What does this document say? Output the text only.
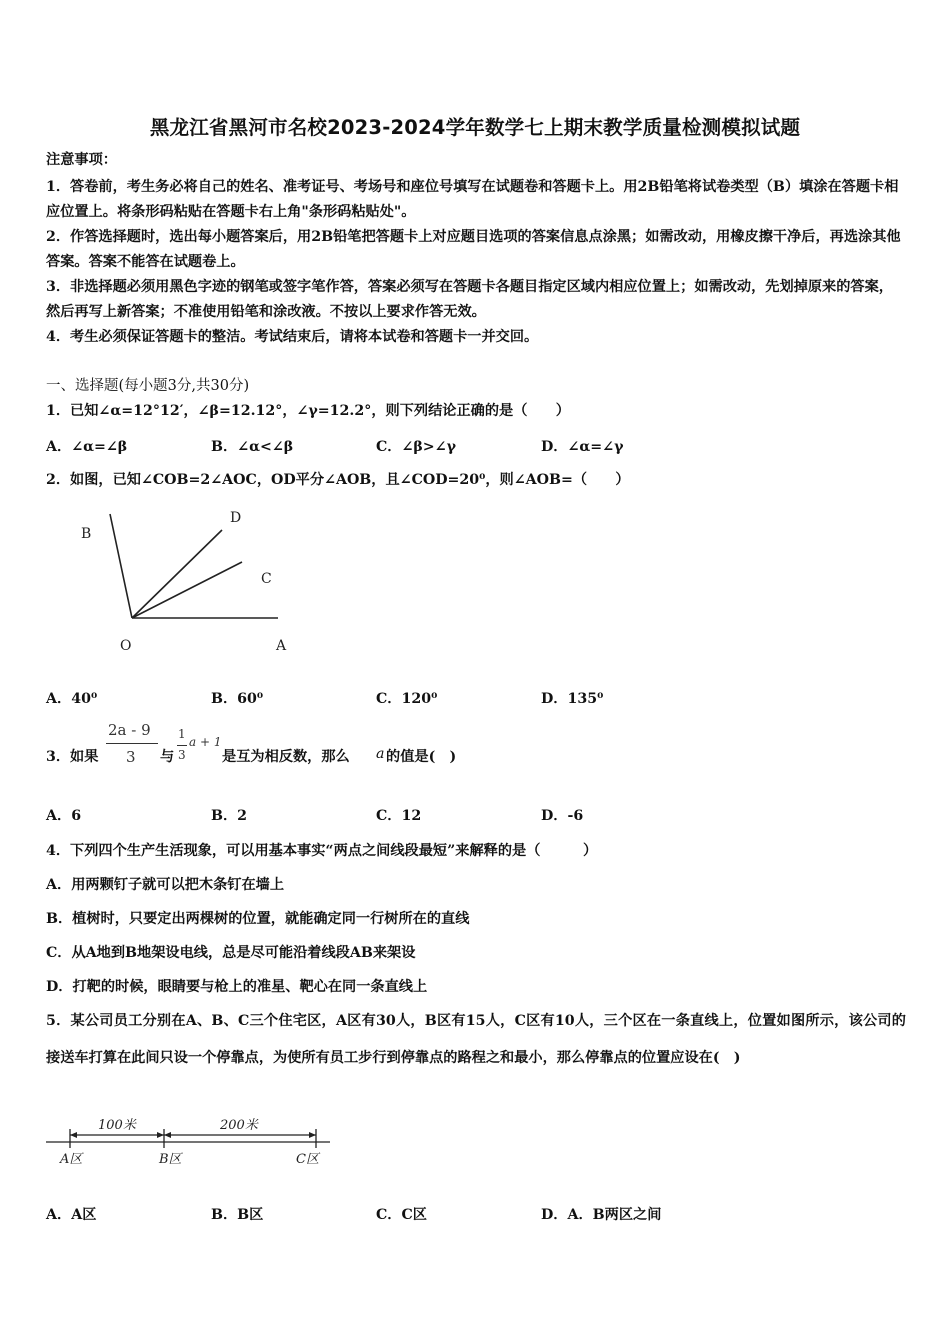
黑龙江省黑河市名校2023-2024学年数学七上期末教学质量检测模拟试题
注意事项：
1．答卷前，考生务必将自己的姓名、准考证号、考场号和座位号填写在试题卷和答题卡上。用2B铅笔将试卷类型（B）填涂在答题卡相应位置上。将条形码粘贴在答题卡右上角"条形码粘贴处"。
2．作答选择题时，选出每小题答案后，用2B铅笔把答题卡上对应题目选项的答案信息点涂黑；如需改动，用橡皮擦干净后，再选涂其他答案。答案不能答在试题卷上。
3．非选择题必须用黑色字迹的钢笔或签字笔作答，答案必须写在答题卡各题目指定区域内相应位置上；如需改动，先划掉原来的答案，然后再写上新答案；不准使用铅笔和涂改液。不按以上要求作答无效。
4．考生必须保证答题卡的整洁。考试结束后，请将本试卷和答题卡一并交回。
一、选择题(每小题3分,共30分)
1．已知∠α=12°12′，∠β=12.12°，∠γ=12.2°，则下列结论正确的是（　　）
A．∠α=∠β	B．∠α<∠β	C．∠β>∠γ	D．∠α=∠γ
2．如图，已知∠COB=2∠AOC，OD平分∠AOB，且∠COD=20⁰，则∠AOB=（　　）
B
D
C
O	A
A．40⁰	B．60⁰	C．120⁰	D．135⁰
3．如果
2a - 9
3 与
1
3
a + 1
是互为相反数，那么 a 的值是(　)
A．6	B．2	C．12	D．-6
4．下列四个生产生活现象，可以用基本事实“两点之间线段最短”来解释的是（　　　）
A．用两颗钉子就可以把木条钉在墙上
B．植树时，只要定出两棵树的位置，就能确定同一行树所在的直线
C．从A地到B地架设电线，总是尽可能沿着线段AB来架设
D．打靶的时候，眼睛要与枪上的准星、靶心在同一条直线上
5．某公司员工分别在A、B、C三个住宅区，A区有30人，B区有15人，C区有10人，三个区在一条直线上，位置如图所示，该公司的接送车打算在此间只设一个停靠点，为使所有员工步行到停靠点的路程之和最小，那么停靠点的位置应设在(　)
100米	200米
A区	B区	C区
A．A区	B．B区	C．C区	D．A．B两区之间
